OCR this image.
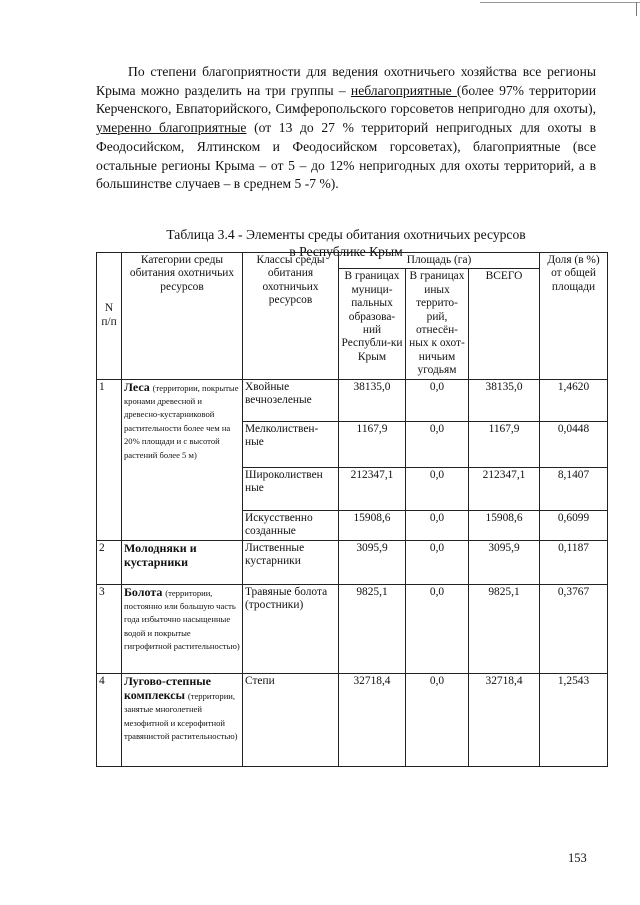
По степени благоприятности для ведения охотничьего хозяйства все регионы Крыма можно разделить на три группы – неблагоприятные (более 97% территории Керченского, Евпаторийского, Симферопольского горсоветов непригодно для охоты), умеренно благоприятные (от 13 до 27 % территорий непригодных для охоты в Феодосийском, Ялтинском и Феодосийском горсоветах), благоприятные (все остальные регионы Крыма – от 5 – до 12% непригодных для охоты территорий, а в большинстве случаев – в среднем 5 -7 %).
Таблица 3.4 - Элементы среды обитания охотничьих ресурсов
в Республике Крым
N п/п	Категории среды обитания охотничьих ресурсов	Классы среды обитания охотничьих ресурсов	Площадь (га)			Доля (в %) от общей площади
			В границах муници-пальных образова-ний Республи-ки Крым	В границах иных террито-рий, отнесён-ных к охот-ничьим угодьям	ВСЕГО	
1	Леса (территории, покрытые кронами древесной и древесно-кустарниковой растительности более чем на 20% площади и с высотой растений более 5 м)	Хвойные вечнозеленые	38135,0	0,0	38135,0	1,4620
		Мелколиствен-ные	1167,9	0,0	1167,9	0,0448
		Широколиствен ные	212347,1	0,0	212347,1	8,1407
		Искусственно созданные	15908,6	0,0	15908,6	0,6099
2	Молодняки и кустарники	Лиственные кустарники	3095,9	0,0	3095,9	0,1187
3	Болота (территории, постоянно или большую часть года избыточно насыщенные водой и покрытые гигрофитной растительностью)	Травяные болота (тростники)	9825,1	0,0	9825,1	0,3767
4	Лугово-степные комплексы (территории, занятые многолетней мезофитной и ксерофитной травянистой растительностью)	Степи	32718,4	0,0	32718,4	1,2543
153
